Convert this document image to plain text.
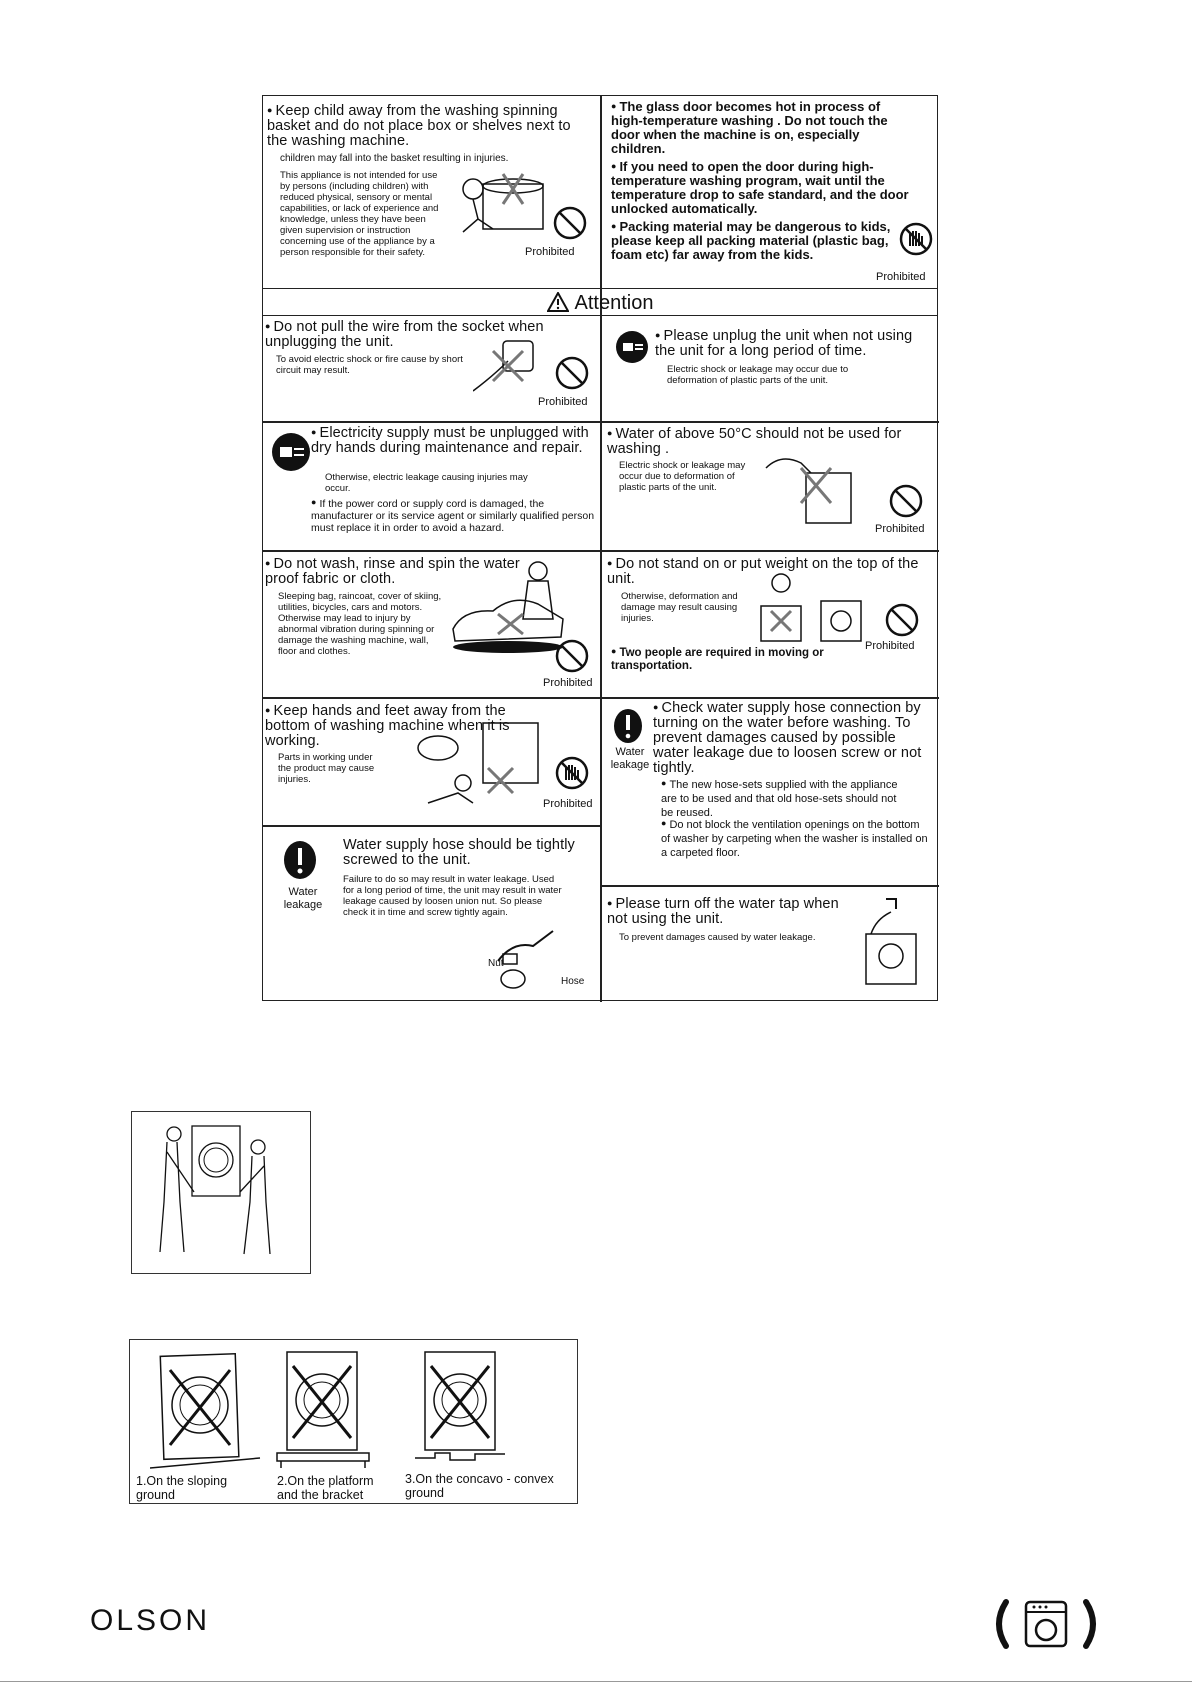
● Keep child away from the washing spinning basket and do not place box or shelves next to the washing machine.
children may fall into the basket resulting in injuries.
This appliance is not intended for use by persons (including children) with reduced physical, sensory or mental capabilities, or lack of experience and knowledge, unless they have been given supervision or instruction concerning use of the appliance by a person responsible for their safety.	Prohibited
● The glass door becomes hot in process of high-temperature washing . Do not touch the door when the machine is on, especially children.
● If you need to open the door during high-temperature washing program, wait until the temperature drop to safe standard, and the door unlocked automatically.
● Packing material may be dangerous to kids, please keep all packing material (plastic bag, foam etc) far away from the kids.
Prohibited
Attention
● Do not pull the wire from the socket when unplugging the unit.
To avoid electric shock or fire cause by short circuit may result.
Prohibited
● Please unplug the unit when not using the unit for a long period of time.
Electric shock or leakage may occur due to deformation of plastic parts of the unit.
● Electricity supply must be unplugged with dry hands during maintenance and repair.
Otherwise, electric leakage causing injuries may occur.
● If the power cord or supply cord is damaged, the manufacturer or its service agent or similarly qualified person must replace it in order to avoid a hazard.
● Water of above 50°C should not be used for washing .
Electric shock or leakage may occur due to deformation of plastic parts of the unit.
Prohibited
● Do not wash, rinse and spin the water proof fabric or cloth.
Sleeping bag, raincoat, cover of skiing, utilities, bicycles, cars and motors. Otherwise may lead to injury by abnormal vibration during spinning or damage the washing machine, wall, floor and clothes.
Prohibited
● Do not stand on or put weight on the top of the unit.
Otherwise, deformation and damage may result causing injuries.
Prohibited
● Two people are required in moving or transportation.
● Keep hands and feet away from the bottom of washing machine when it is working.
Parts in working under the product may cause injuries.
Prohibited
Water leakage
● Check water supply hose connection by turning on the water before washing. To prevent damages caused by possible water leakage due to loosen screw or not tightly.
● The new hose-sets supplied with the appliance are to be used and that old hose-sets should not be reused.
● Do not block the ventilation openings on the bottom of washer by carpeting when the washer is installed on a carpeted floor.
Water leakage
Water supply hose should be tightly screwed to the unit.
Failure to do so may result in water leakage. Used for a long period of time, the unit may result in water leakage caused by loosen union nut. So please check it in time and screw tightly again.
Nut
Hose
● Please turn off the water tap when not using the unit.
To prevent damages caused by water leakage.
1.On the sloping ground
2.On the platform and the bracket
3.On the concavo - convex ground
OLSON
